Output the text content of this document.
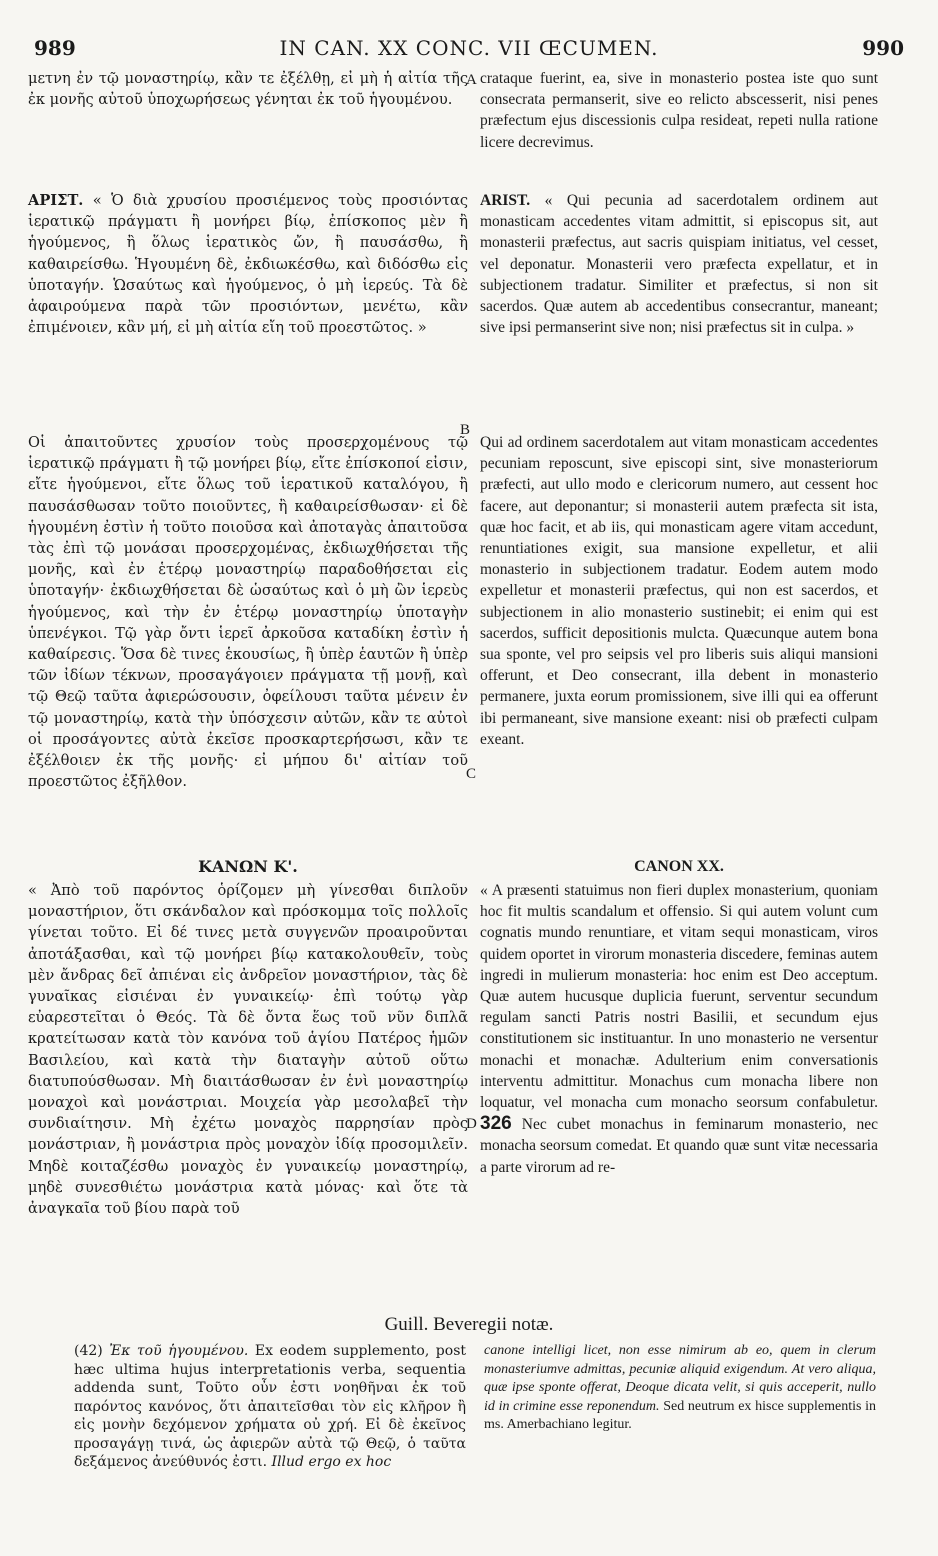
989	IN CAN. XX CONC. VII ŒCUMEN.	990
A
B
C
D
μετνη ἐν τῷ μοναστηρίῳ, κἂν τε ἐξέλθῃ, εἰ μὴ ἡ αἰτία τῆς ἐκ μονῆς αὐτοῦ ὑποχωρήσεως γένηται ἐκ τοῦ ἡγουμένου.
ΑΡΙΣΤ. « Ὁ διὰ χρυσίου προσιέμενος τοὺς προσιόντας ἱερατικῷ πράγματι ἢ μονήρει βίῳ, ἐπίσκοπος μὲν ἢ ἡγούμενος, ἢ ὅλως ἱερατικὸς ὤν, ἢ παυσάσθω, ἢ καθαιρείσθω. Ἡγουμένη δὲ, ἐκδιωκέσθω, καὶ διδόσθω εἰς ὑποταγήν. Ὡσαύτως καὶ ἡγούμενος, ὁ μὴ ἱερεύς. Τὰ δὲ ἀφαιρούμενα παρὰ τῶν προσιόντων, μενέτω, κἂν ἐπιμένοιεν, κἂν μή, εἰ μὴ αἰτία εἴη τοῦ προεστῶτος. »
Οἱ ἀπαιτοῦντες χρυσίον τοὺς προσερχομένους τῷ ἱερατικῷ πράγματι ἢ τῷ μονήρει βίῳ, εἴτε ἐπίσκοποί εἰσιν, εἴτε ἡγούμενοι, εἴτε ὅλως τοῦ ἱερατικοῦ καταλόγου, ἢ παυσάσθωσαν τοῦτο ποιοῦντες, ἢ καθαιρείσθωσαν· εἰ δὲ ἡγουμένη ἐστὶν ἡ τοῦτο ποιοῦσα καὶ ἀποταγὰς ἀπαιτοῦσα τὰς ἐπὶ τῷ μονάσαι προσερχομένας, ἐκδιωχθήσεται τῆς μονῆς, καὶ ἐν ἑτέρῳ μοναστηρίῳ παραδοθήσεται εἰς ὑποταγήν· ἐκδιωχθήσεται δὲ ὡσαύτως καὶ ὁ μὴ ὢν ἱερεὺς ἡγούμενος, καὶ τὴν ἐν ἑτέρῳ μοναστηρίῳ ὑποταγὴν ὑπενέγκοι. Τῷ γὰρ ὄντι ἱερεῖ ἀρκοῦσα καταδίκη ἐστὶν ἡ καθαίρεσις. Ὅσα δὲ τινες ἑκουσίως, ἢ ὑπὲρ ἑαυτῶν ἢ ὑπὲρ τῶν ἰδίων τέκνων, προσαγάγοιεν πράγματα τῇ μονῇ, καὶ τῷ Θεῷ ταῦτα ἀφιερώσουσιν, ὀφείλουσι ταῦτα μένειν ἐν τῷ μοναστηρίῳ, κατὰ τὴν ὑπόσχεσιν αὐτῶν, κἂν τε αὐτοὶ οἱ προσάγοντες αὐτὰ ἐκεῖσε προσκαρτερήσωσι, κἂν τε ἐξέλθοιεν ἐκ τῆς μονῆς· εἰ μήπου δι' αἰτίαν τοῦ προεστῶτος ἐξῆλθον.
ΚΑΝΩΝ Κ'.
« Ἀπὸ τοῦ παρόντος ὁρίζομεν μὴ γίνεσθαι διπλοῦν μοναστήριον, ὅτι σκάνδαλον καὶ πρόσκομμα τοῖς πολλοῖς γίνεται τοῦτο. Εἰ δέ τινες μετὰ συγγενῶν προαιροῦνται ἀποτάξασθαι, καὶ τῷ μονήρει βίῳ κατακολουθεῖν, τοὺς μὲν ἄνδρας δεῖ ἀπιέναι εἰς ἀνδρεῖον μοναστήριον, τὰς δὲ γυναῖκας εἰσιέναι ἐν γυναικείῳ· ἐπὶ τούτῳ γὰρ εὐαρεστεῖται ὁ Θεός. Τὰ δὲ ὄντα ἕως τοῦ νῦν διπλᾶ κρατείτωσαν κατὰ τὸν κανόνα τοῦ ἁγίου Πατέρος ἡμῶν Βασιλείου, καὶ κατὰ τὴν διαταγὴν αὐτοῦ οὕτω διατυπούσθωσαν. Μὴ διαιτάσθωσαν ἐν ἑνὶ μοναστηρίῳ μοναχοὶ καὶ μονάστριαι. Μοιχεία γὰρ μεσολαβεῖ τὴν συνδιαίτησιν. Μὴ ἐχέτω μοναχὸς παρρησίαν πρὸς μονάστριαν, ἢ μονάστρια πρὸς μοναχὸν ἰδίᾳ προσομιλεῖν. Μηδὲ κοιταζέσθω μοναχὸς ἐν γυναικείῳ μοναστηρίῳ, μηδὲ συνεσθιέτω μονάστρια κατὰ μόνας· καὶ ὅτε τὰ ἀναγκαῖα τοῦ βίου παρὰ τοῦ
crataque fuerint, ea, sive in monasterio postea iste quo sunt consecrata permanserit, sive eo relicto abscesserit, nisi penes præfectum ejus discessionis culpa resideat, repeti nulla ratione licere decrevimus.
ARIST. « Qui pecunia ad sacerdotalem ordinem aut monasticam accedentes vitam admittit, si episcopus sit, aut monasterii præfectus, aut sacris quispiam initiatus, vel cesset, vel deponatur. Monasterii vero præfecta expellatur, et in subjectionem tradatur. Similiter et præfectus, si non sit sacerdos. Quæ autem ab accedentibus consecrantur, maneant; sive ipsi permanserint sive non; nisi præfectus sit in culpa. »
Qui ad ordinem sacerdotalem aut vitam monasticam accedentes pecuniam reposcunt, sive episcopi sint, sive monasteriorum præfecti, aut ullo modo e clericorum numero, aut cessent hoc facere, aut deponantur; si monasterii autem præfecta sit ista, quæ hoc facit, et ab iis, qui monasticam agere vitam accedunt, renuntiationes exigit, sua mansione expelletur, et alii monasterio in subjectionem tradatur. Eodem autem modo expelletur et monasterii præfectus, qui non est sacerdos, et subjectionem in alio monasterio sustinebit; ei enim qui est sacerdos, sufficit depositionis mulcta. Quæcunque autem bona sua sponte, vel pro seipsis vel pro liberis suis aliqui mansioni offerunt, et Deo consecrant, illa debent in monasterio permanere, juxta eorum promissionem, sive illi qui ea offerunt ibi permaneant, sive mansione exeant: nisi ob præfecti culpam exeant.
CANON XX.
« A præsenti statuimus non fieri duplex monasterium, quoniam hoc fit multis scandalum et offensio. Si qui autem volunt cum cognatis mundo renuntiare, et vitam sequi monasticam, viros quidem oportet in virorum monasteria discedere, feminas autem ingredi in mulierum monasteria: hoc enim est Deo acceptum. Quæ autem hucusque duplicia fuerunt, serventur secundum regulam sancti Patris nostri Basilii, et secundum ejus constitutionem sic instituantur. In uno monasterio ne versentur monachi et monachæ. Adulterium enim conversationis interventu admittitur. Monachus cum monacha libere non loquatur, vel monacha cum monacho seorsum confabuletur. 326 Nec cubet monachus in feminarum monasterio, nec monacha seorsum comedat. Et quando quæ sunt vitæ necessaria a parte virorum ad re-
Guill. Beveregii notæ.
(42) Ἐκ τοῦ ἡγουμένου. Ex eodem supplemento, post hæc ultima hujus interpretationis verba, sequentia addenda sunt, Τοῦτο οὖν ἐστι νοηθῆναι ἐκ τοῦ παρόντος κανόνος, ὅτι ἀπαιτεῖσθαι τὸν εἰς κλῆρον ἢ εἰς μονὴν δεχόμενον χρήματα οὐ χρή. Εἰ δὲ ἐκεῖνος προσαγάγῃ τινά, ὡς ἀφιερῶν αὐτὰ τῷ Θεῷ, ὁ ταῦτα δεξάμενος ἀνεύθυνός ἐστι. Illud ergo ex hoc
canone intelligi licet, non esse nimirum ab eo, quem in clerum monasteriumve admittas, pecuniæ aliquid exigendum. At vero aliqua, quæ ipse sponte offerat, Deoque dicata velit, si quis acceperit, nullo id in crimine esse reponendum. Sed neutrum ex hisce supplementis in ms. Amerbachiano legitur.
